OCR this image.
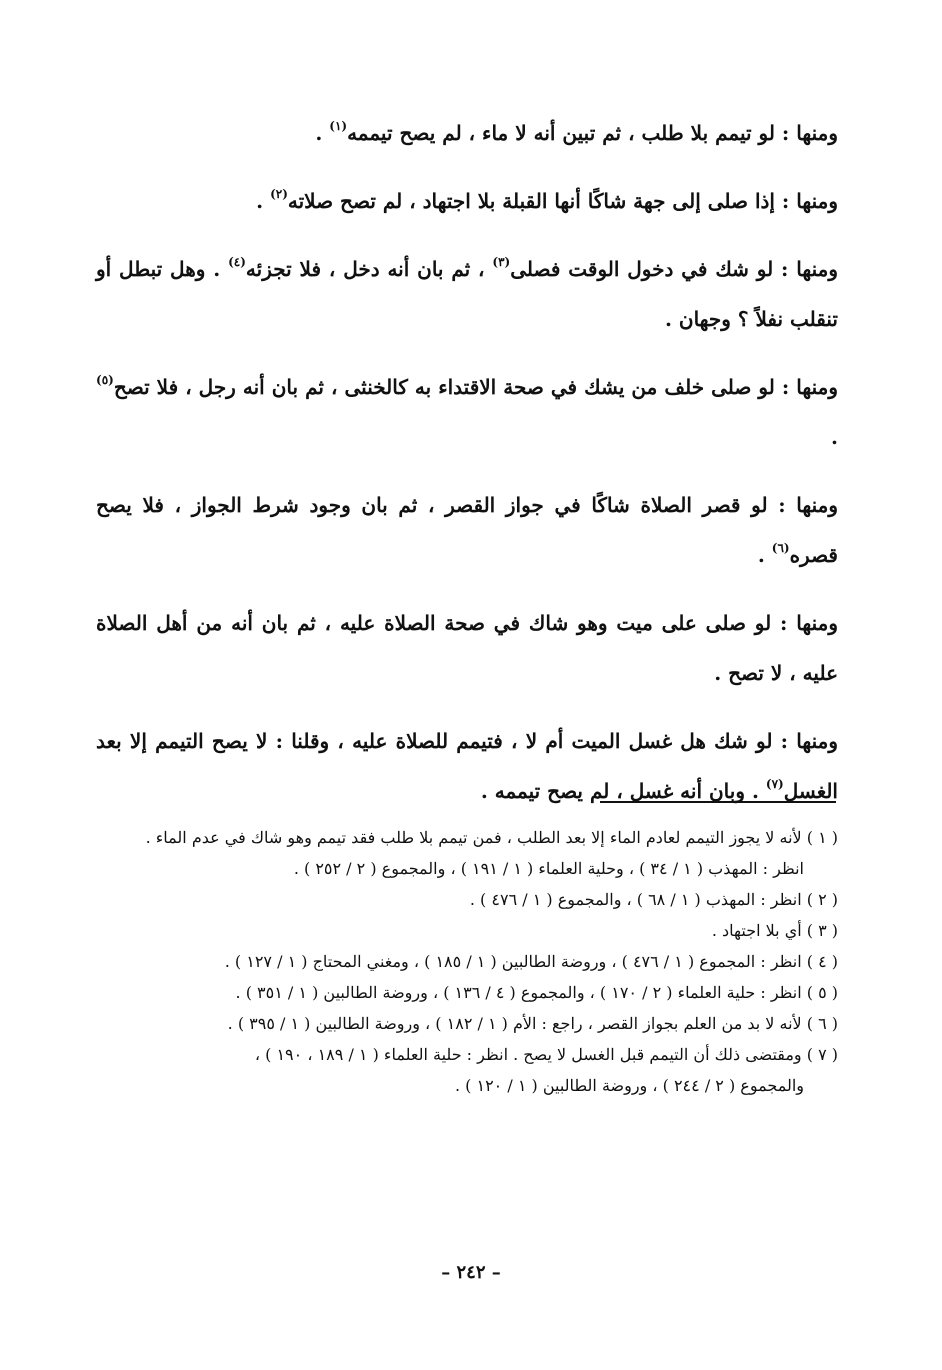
ومنها : لو تيمم بلا طلب ، ثم تبين أنه لا ماء ، لم يصح تيممه$^{(١)}$ .

ومنها : إذا صلى إلى جهة شاكًا أنها القبلة بلا اجتهاد ، لم تصح صلاته$^{(٢)}$ .

ومنها : لو شك في دخول الوقت فصلى$^{(٣)}$ ، ثم بان أنه دخل ، فلا تجزئه$^{(٤)}$ . وهل تبطل أو تنقلب نفلاً ؟ وجهان .

ومنها : لو صلى خلف من يشك في صحة الاقتداء به كالخنثى ، ثم بان أنه رجل ، فلا تصح$^{(٥)}$ .

ومنها : لو قصر الصلاة شاكًا في جواز القصر ، ثم بان وجود شرط الجواز ، فلا يصح قصره$^{(٦)}$ .

ومنها : لو صلى على ميت وهو شاك في صحة الصلاة عليه ، ثم بان أنه من أهل الصلاة عليه ، لا تصح .

ومنها : لو شك هل غسل الميت أم لا ، فتيمم للصلاة عليه ، وقلنا : لا يصح التيمم إلا بعد الغسل$^{(٧)}$ . وبان أنه غسل ، لم يصح تيممه .

( ١ ) لأنه لا يجوز التيمم لعادم الماء إلا بعد الطلب ، فمن تيمم بلا طلب فقد تيمم وهو شاك في عدم الماء .

انظر : المهذب ( ١ / ٣٤ ) ، وحلية العلماء ( ١ / ١٩١ ) ، والمجموع ( ٢ / ٢٥٢ ) .

( ٢ ) انظر : المهذب ( ١ / ٦٨ ) ، والمجموع ( ١ / ٤٧٦ ) .

( ٣ ) أي بلا اجتهاد .

( ٤ ) انظر : المجموع ( ١ / ٤٧٦ ) ، وروضة الطالبين ( ١ / ١٨٥ ) ، ومغني المحتاج ( ١ / ١٢٧ ) .

( ٥ ) انظر : حلية العلماء ( ٢ / ١٧٠ ) ، والمجموع ( ٤ / ١٣٦ ) ، وروضة الطالبين ( ١ / ٣٥١ ) .

( ٦ ) لأنه لا بد من العلم بجواز القصر ، راجع : الأم ( ١ / ١٨٢ ) ، وروضة الطالبين ( ١ / ٣٩٥ ) .

( ٧ ) ومقتضى ذلك أن التيمم قبل الغسل لا يصح . انظر : حلية العلماء ( ١ / ١٨٩ ، ١٩٠ ) ،

والمجموع ( ٢ / ٢٤٤ ) ، وروضة الطالبين ( ١ / ١٢٠ ) .

– ٢٤٢ –
